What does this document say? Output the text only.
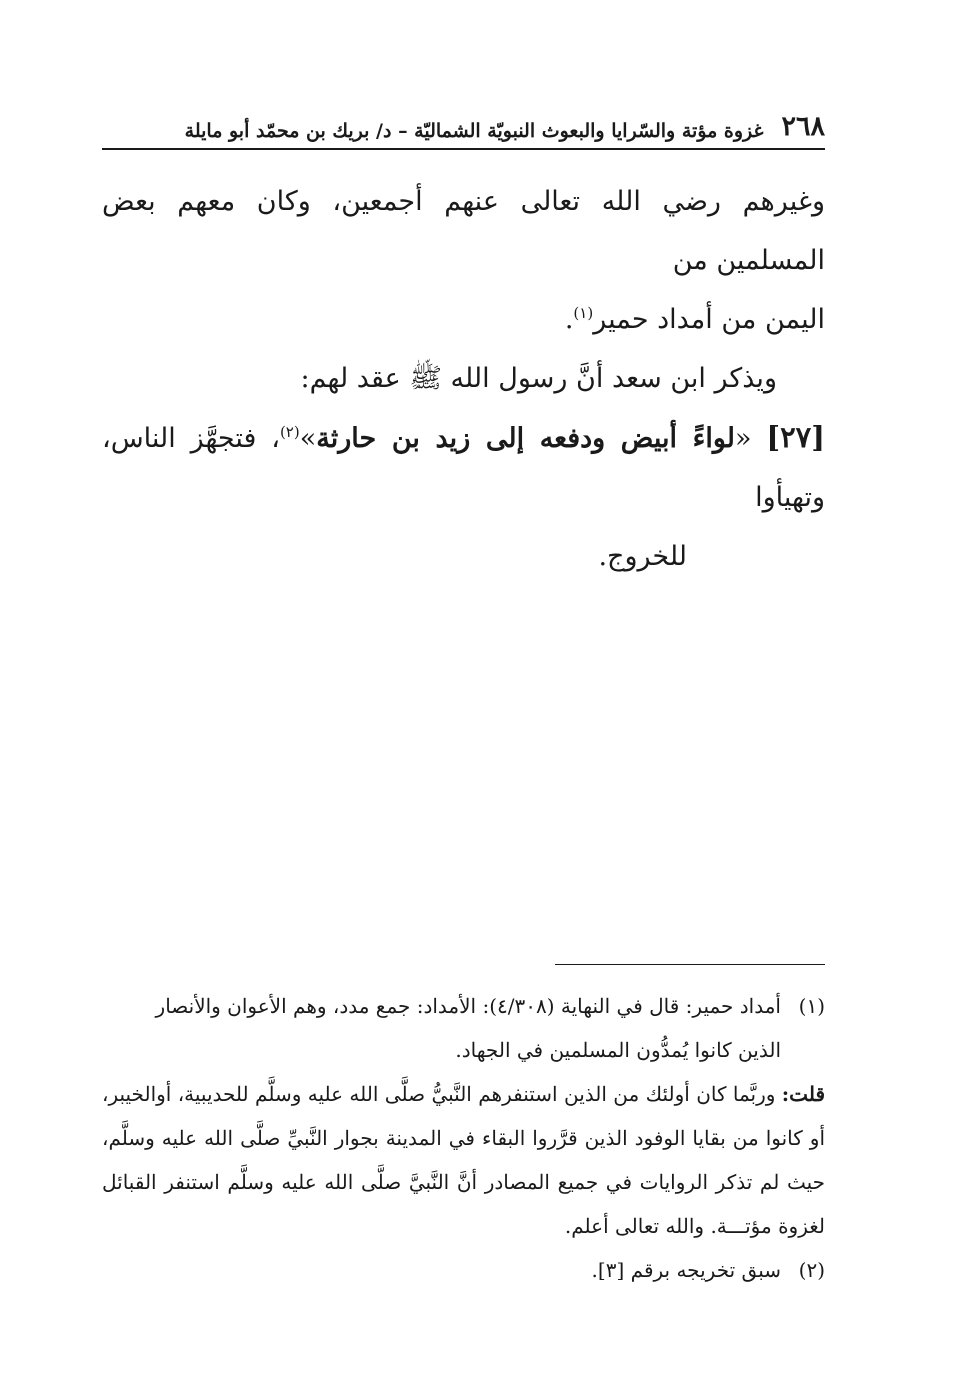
٢٦٨
غزوة مؤتة والسّرايا والبعوث النبويّة الشماليّة – د/ بريك بن محمّد أبو مايلة

وغيرهم رضي الله تعالى عنهم أجمعين، وكان معهم بعض المسلمين من

اليمن من أمداد حمير$^{(١)}$.

ويذكر ابن سعد أنَّ رسول الله ﷺ عقد لهم:

[٢٧] «لواءً أبيض ودفعه إلى زيد بن حارثة»$^{(٢)}$، فتجهَّز الناس، وتهيأوا

للخروج.

(١)أمداد حمير: قال في النهاية (٤/٣٠٨): الأمداد: جمع مدد، وهم الأعوان والأنصار

الذين كانوا يُمدُّون المسلمين في الجهاد.

قلت: وربَّما كان أولئك من الذين استنفرهم النَّبيُّ صلَّى الله عليه وسلَّم للحديبية، أوالخيبر، أو كانوا من بقايا الوفود الذين قرَّروا البقاء في المدينة بجوار النَّبيِّ صلَّى الله عليه وسلَّم، حيث لم تذكر الروايات في جميع المصادر أنَّ النَّبيَّ صلَّى الله عليه وسلَّم استنفر القبائل لغزوة مؤتـــة. والله تعالى أعلم.

(٢)سبق تخريجه برقم [٣].
